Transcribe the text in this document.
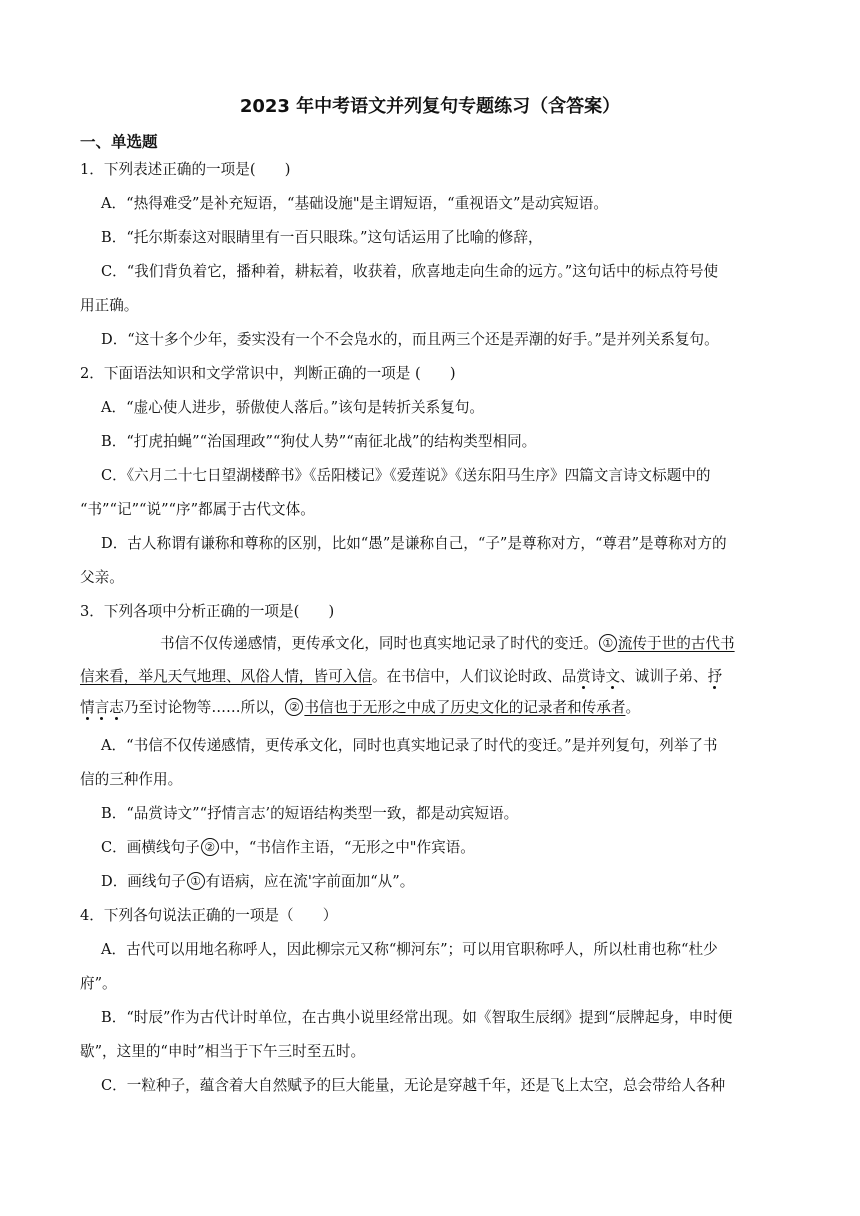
2023 年中考语文并列复句专题练习（含答案）
一、单选题
1．下列表述正确的一项是(　　)
A．“热得难受”是补充短语，“基础设施"是主谓短语，“重视语文”是动宾短语。
B．“托尔斯泰这对眼睛里有一百只眼珠。”这句话运用了比喻的修辞，
C．“我们背负着它，播种着，耕耘着，收获着，欣喜地走向生命的远方。”这句话中的标点符号使
用正确。
D．“这十多个少年，委实没有一个不会凫水的，而且两三个还是弄潮的好手。”是并列关系复句。
2．下面语法知识和文学常识中，判断正确的一项是 (　　)
A．“虚心使人进步，骄傲使人落后。”该句是转折关系复句。
B．“打虎拍蝇”“治国理政”“狗仗人势”“南征北战”的结构类型相同。
C．《六月二十七日望湖楼醉书》《岳阳楼记》《爱莲说》《送东阳马生序》四篇文言诗文标题中的
“书”“记”“说”“序”都属于古代文体。
D．古人称谓有谦称和尊称的区别，比如“愚”是谦称自己，“子”是尊称对方，“尊君”是尊称对方的
父亲。
3．下列各项中分析正确的一项是(　　)
书信不仅传递感情，更传承文化，同时也真实地记录了时代的变迁。 ① 流传于世的古代书
信来看，举凡天气地理、风俗人情，皆可入信。在书信中，人们议论时政、品赏诗文、诚训子弟、抒
情言志乃至讨论物等……所以， ② 书信也于无形之中成了历史文化的记录者和传承者。
A．“书信不仅传递感情，更传承文化，同时也真实地记录了时代的变迁。”是并列复句，列举了书
信的三种作用。
B．“品赏诗文”“抒情言志’的短语结构类型一致，都是动宾短语。
C．画横线句子 ② 中，“书信作主语，“无形之中"作宾语。
D．画线句子 ① 有语病，应在流'字前面加“从”。
4．下列各句说法正确的一项是（　　）
A．古代可以用地名称呼人，因此柳宗元又称“柳河东”；可以用官职称呼人，所以杜甫也称“杜少
府”。
B．“时辰”作为古代计时单位，在古典小说里经常出现。如《智取生辰纲》提到“辰牌起身，申时便
歇”，这里的“申时”相当于下午三时至五时。
C．一粒种子，蕴含着大自然赋予的巨大能量，无论是穿越千年，还是飞上太空，总会带给人各种
